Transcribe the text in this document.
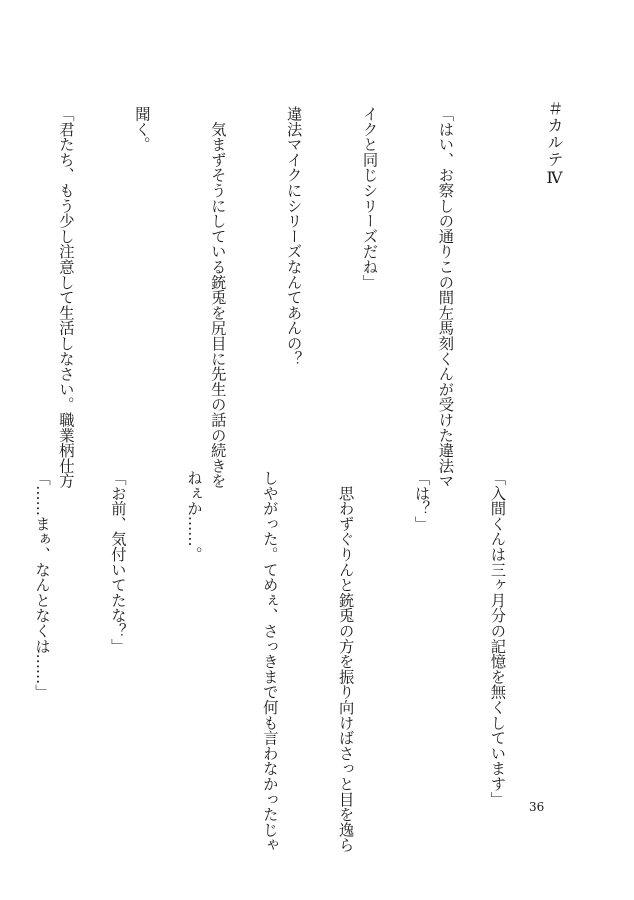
＃カルテⅣ

「はい、お察しの通りこの間左馬刻くんが受けた違法マ

イクと同じシリーズだね」

違法マイクにシリーズなんてあんの？

　気まずそうにしている銃兎を尻目に先生の話の続きを

聞く。

「君たち、もう少し注意して生活しなさい。職業柄仕方

「入間くんは三ヶ月分の記憶を無くしています」

「は？」

　思わずぐりんと銃兎の方を振り向けばさっと目を逸ら

しやがった。てめぇ、さっきまで何も言わなかったじゃ

ねぇか……。

「お前、気付いてたな？」

「……まぁ、なんとなくは……」

36
